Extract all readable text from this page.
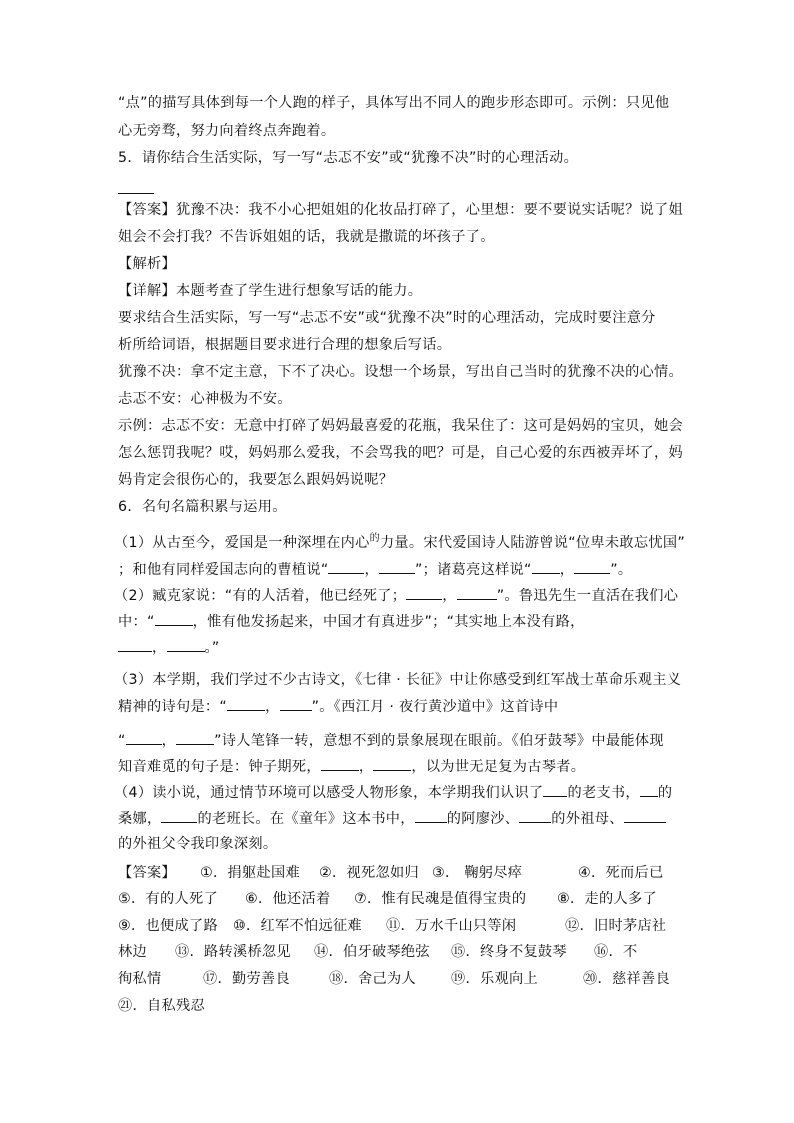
“点”的描写具体到每一个人跑的样子，具体写出不同人的跑步形态即可。示例：只见他
心无旁骛，努力向着终点奔跑着。
5．请你结合生活实际，写一写“忐忑不安”或“犹豫不决”时的心理活动。
【答案】犹豫不决：我不小心把姐姐的化妆品打碎了，心里想：要不要说实话呢？说了姐
姐会不会打我？不告诉姐姐的话，我就是撒谎的坏孩子了。
【解析】
【详解】本题考查了学生进行想象写话的能力。
要求结合生活实际，写一写“忐忑不安”或“犹豫不决”时的心理活动，完成时要注意分
析所给词语，根据题目要求进行合理的想象后写话。
犹豫不决：拿不定主意，下不了决心。设想一个场景，写出自己当时的犹豫不决的心情。
忐忑不安：心神极为不安。
示例：忐忑不安：无意中打碎了妈妈最喜爱的花瓶，我呆住了：这可是妈妈的宝贝，她会
怎么惩罚我呢？哎，妈妈那么爱我，不会骂我的吧？可是，自己心爱的东西被弄坏了，妈
妈肯定会很伤心的，我要怎么跟妈妈说呢？
6．名句名篇积累与运用。
（1）从古至今，爱国是一种深埋在内心$^的$力量。宋代爱国诗人陆游曾说“位卑未敢忘忧国”
；和他有同样爱国志向的曹植说“	，	”；诸葛亮这样说“ ，	”。
（2）臧克家说：“有的人活着，他已经死了；	，	”。鲁迅先生一直活在我们心
中：“	，惟有他发扬起来，中国才有真进步”；“其实地上本没有路，
，	。”
（3）本学期，我们学过不少古诗文，《七律 · 长征》中让你感受到红军战士革命乐观主义
精神的诗句是：“	， ”。《西江月 · 夜行黄沙道中》这首诗中
“	，	”诗人笔锋一转，意想不到的景象展现在眼前。《伯牙鼓琴》中最能体现
知音难觅的句子是：钟子期死，	，	，以为世无足复为古琴者。
（4）读小说，通过情节环境可以感受人物形象，本学期我们认识了 的老支书， 的
桑娜，	的老班长。在《童年》这本书中， 的阿廖沙、 的外祖母、
的外祖父令我印象深刻。
【答案】 ①．捐躯赴国难 ②．视死忽如归 ③． 鞠躬尽瘁	④．死而后已
⑤．有的人死了 ⑥．他还活着 ⑦．惟有民魂是值得宝贵的 ⑧．走的人多了
⑨．也便成了路 ⑩．红军不怕远征难 ⑪．万水千山只等闲	⑫．旧时茅店社
林边 ⑬．路转溪桥忽见 ⑭．伯牙破琴绝弦 ⑮．终身不复鼓琴 ⑯．不
徇私情	⑰．勤劳善良	⑱．舍己为人 ⑲．乐观向上	⑳．慈祥善良
㉑．自私残忍
